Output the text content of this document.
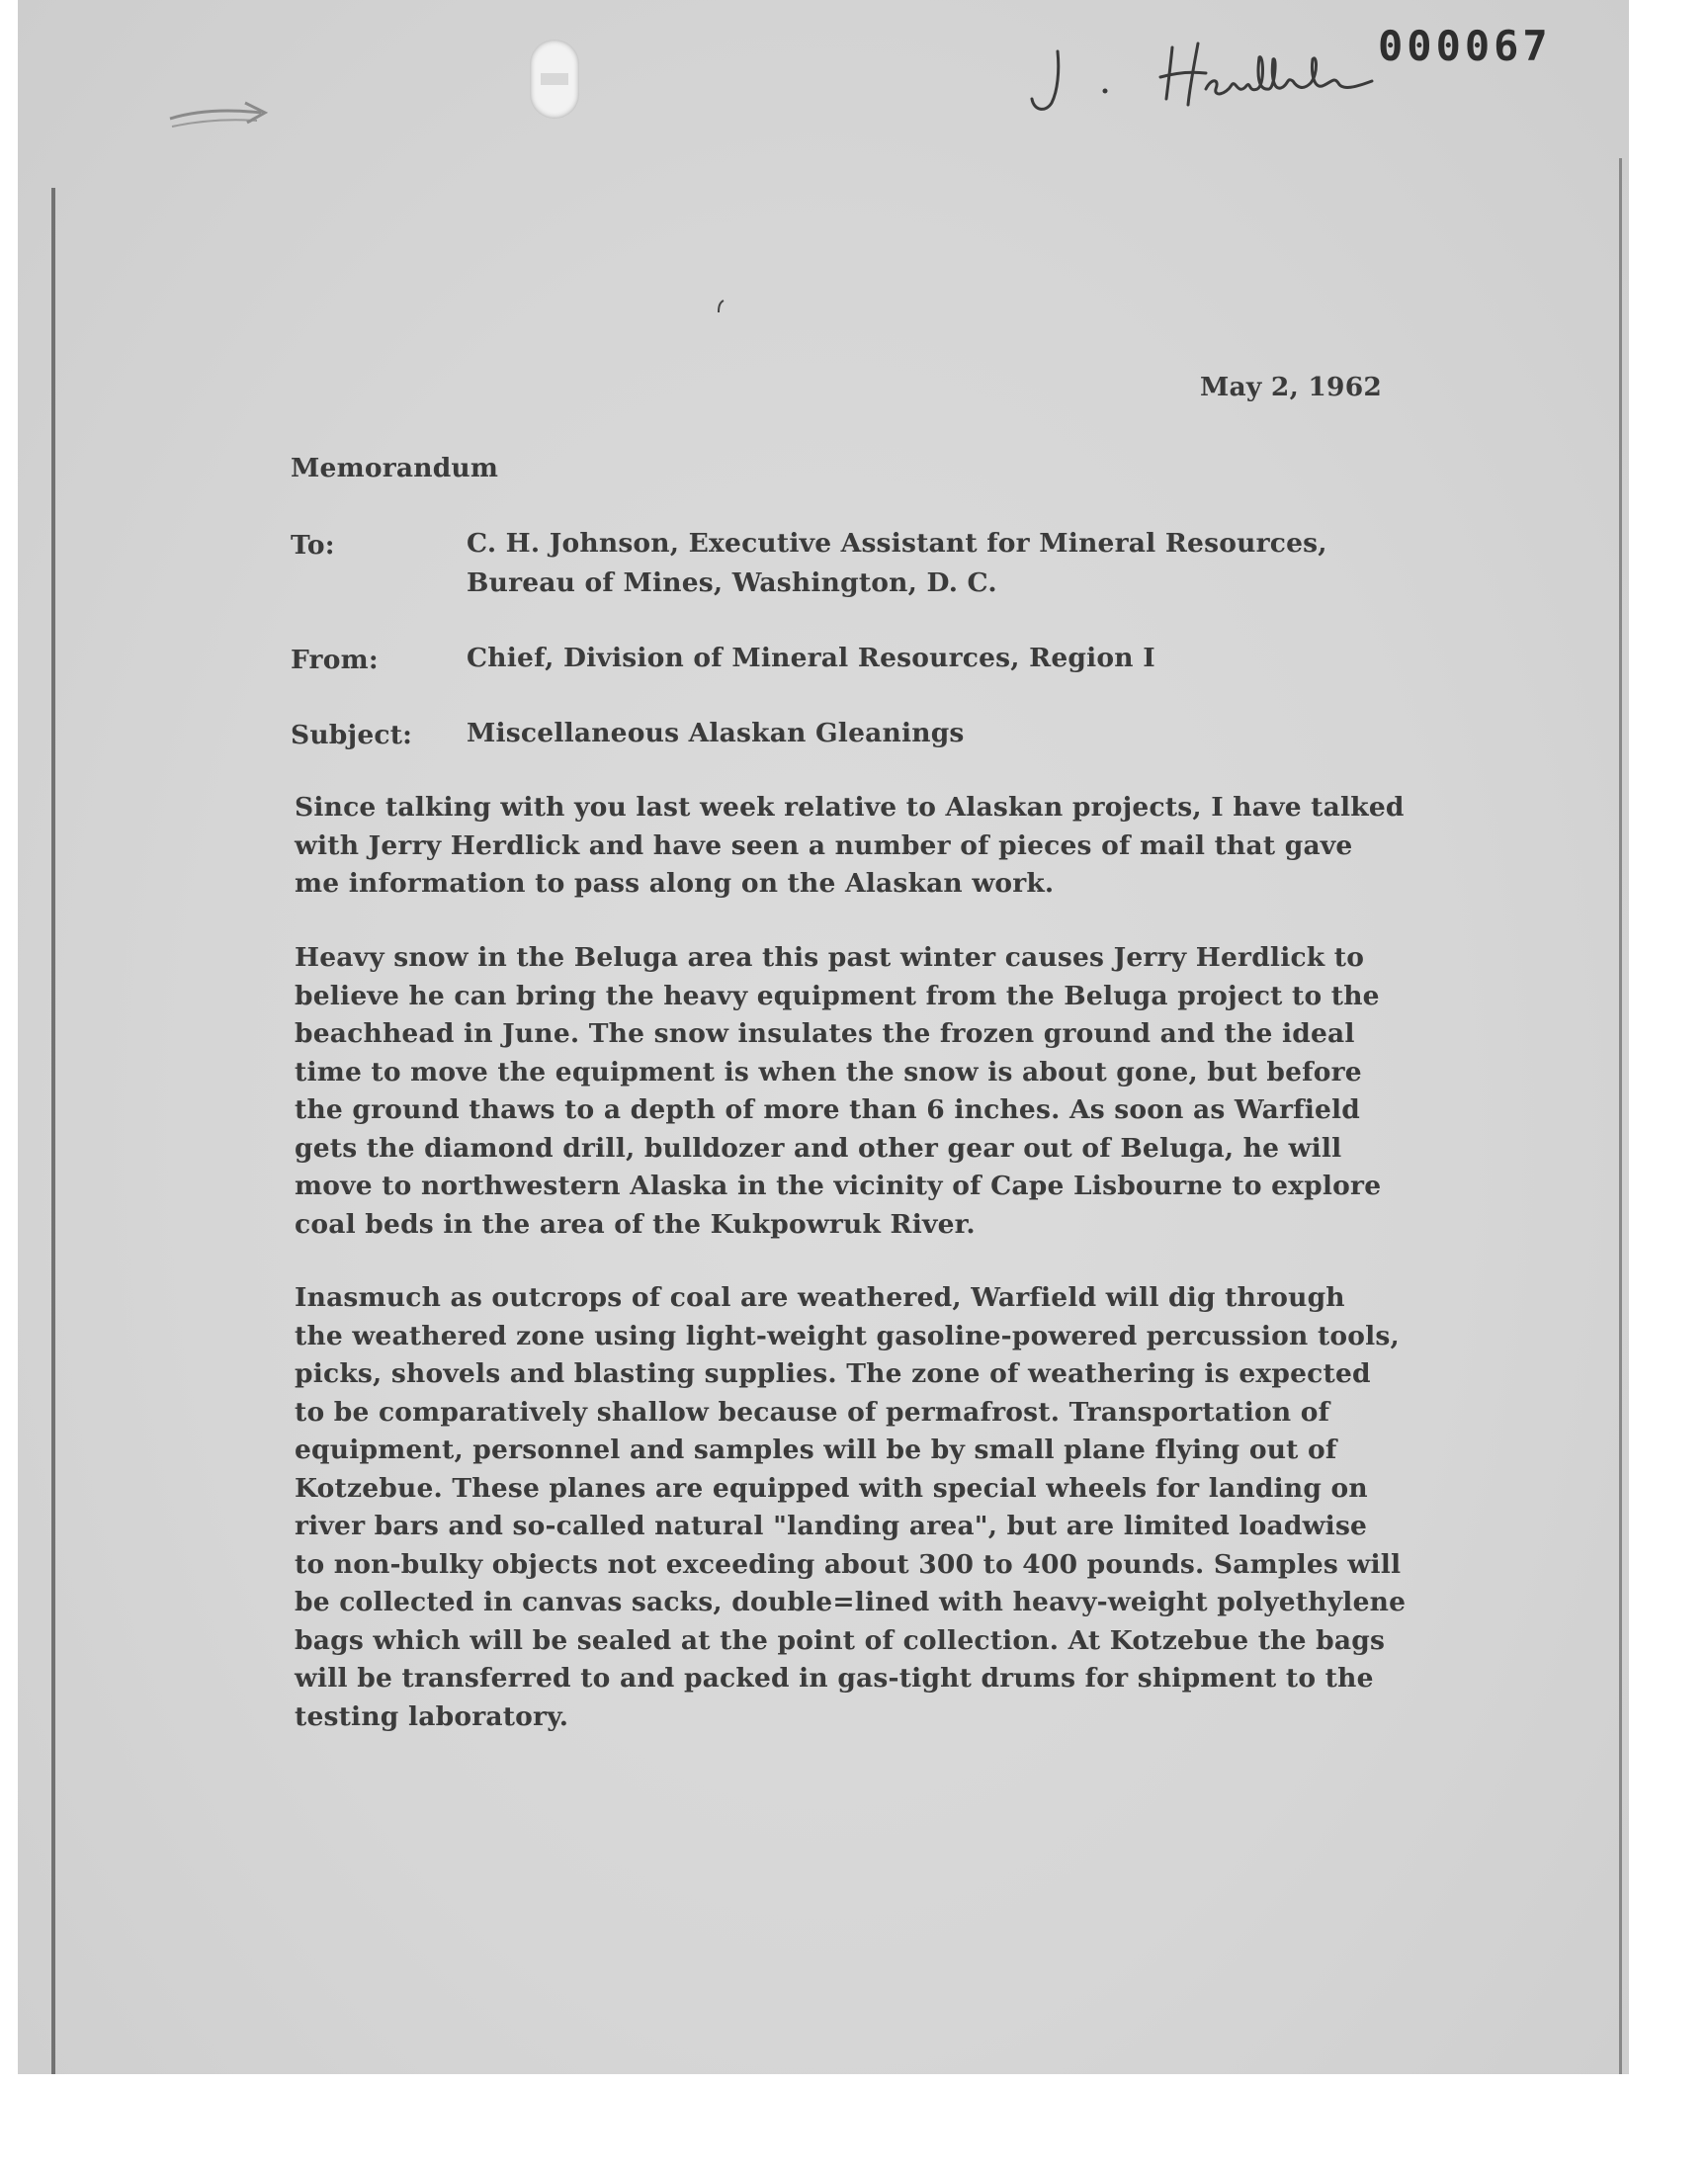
000067
May 2, 1962
Memorandum
To:	C. H. Johnson, Executive Assistant for Mineral Resources,
Bureau of Mines, Washington, D. C.
From:	Chief, Division of Mineral Resources, Region I
Subject: Miscellaneous Alaskan Gleanings
Since talking with you last week relative to Alaskan projects, I have talked
with Jerry Herdlick and have seen a number of pieces of mail that gave
me information to pass along on the Alaskan work.
Heavy snow in the Beluga area this past winter causes Jerry Herdlick to
believe he can bring the heavy equipment from the Beluga project to the
beachhead in June. The snow insulates the frozen ground and the ideal
time to move the equipment is when the snow is about gone, but before
the ground thaws to a depth of more than 6 inches. As soon as Warfield
gets the diamond drill, bulldozer and other gear out of Beluga, he will
move to northwestern Alaska in the vicinity of Cape Lisbourne to explore
coal beds in the area of the Kukpowruk River.
Inasmuch as outcrops of coal are weathered, Warfield will dig through
the weathered zone using light-weight gasoline-powered percussion tools,
picks, shovels and blasting supplies. The zone of weathering is expected
to be comparatively shallow because of permafrost. Transportation of
equipment, personnel and samples will be by small plane flying out of
Kotzebue. These planes are equipped with special wheels for landing on
river bars and so-called natural "landing area", but are limited loadwise
to non-bulky objects not exceeding about 300 to 400 pounds. Samples will
be collected in canvas sacks, double=lined with heavy-weight polyethylene
bags which will be sealed at the point of collection. At Kotzebue the bags
will be transferred to and packed in gas-tight drums for shipment to the
testing laboratory.
